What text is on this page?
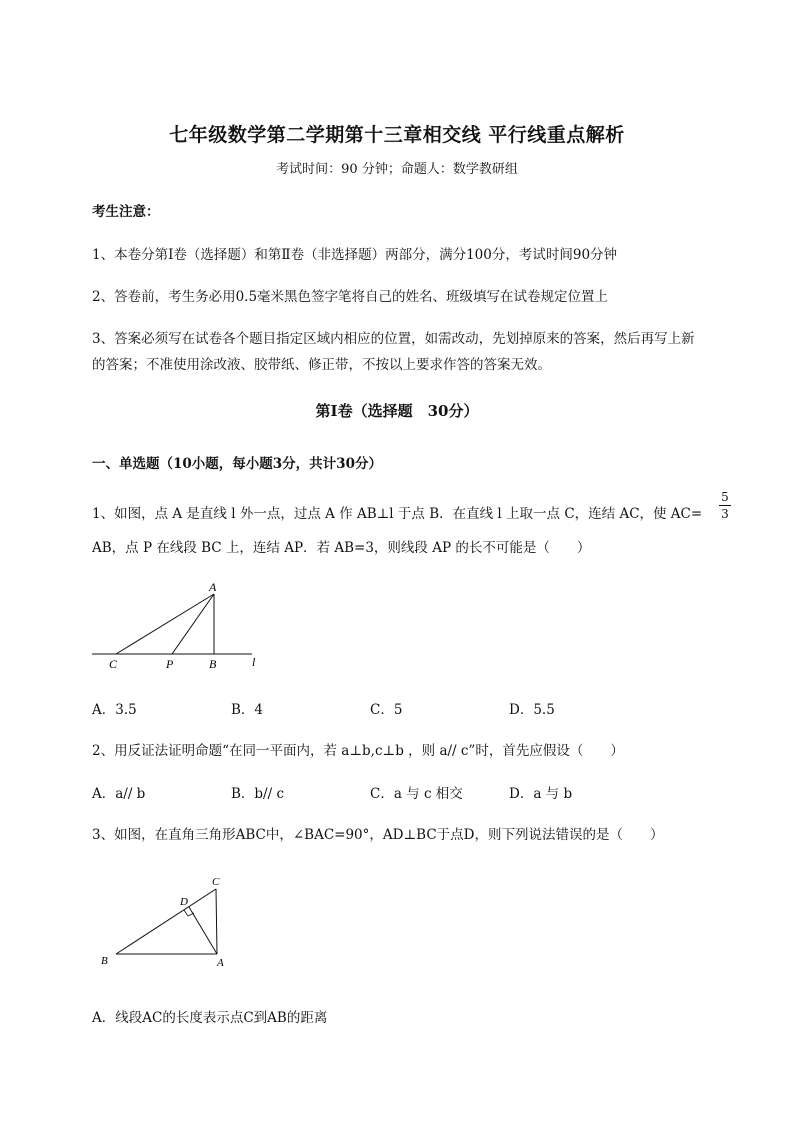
七年级数学第二学期第十三章相交线 平行线重点解析
考试时间：90 分钟；命题人：数学教研组
考生注意：
1、本卷分第I卷（选择题）和第Ⅱ卷（非选择题）两部分，满分100分，考试时间90分钟
2、答卷前，考生务必用0.5毫米黑色签字笔将自己的姓名、班级填写在试卷规定位置上
3、答案必须写在试卷各个题目指定区域内相应的位置，如需改动，先划掉原来的答案，然后再写上新
的答案；不准使用涂改液、胶带纸、修正带，不按以上要求作答的答案无效。
第I卷（选择题　30分）
一、单选题（10小题，每小题3分，共计30分）
1、如图，点 A 是直线 l 外一点，过点 A 作 AB⊥l 于点 B．在直线 l 上取一点 C，连结 AC，使 AC=
5
3
AB，点 P 在线段 BC 上，连结 AP．若 AB=3，则线段 AP 的长不可能是（　　）
A
C	P	B	l
A．3.5	B．4	C．5	D．5.5
2、用反证法证明命题“在同一平面内，若 a⊥b,c⊥b ，则 a// c”时，首先应假设（　　）
A．a// b	B．b// c	C．a 与 c 相交	D．a 与 b
3、如图，在直角三角形ABC中，∠BAC=90°，AD⊥BC于点D，则下列说法错误的是（　　）
C
D
B	A
A．线段AC的长度表示点C到AB的距离
